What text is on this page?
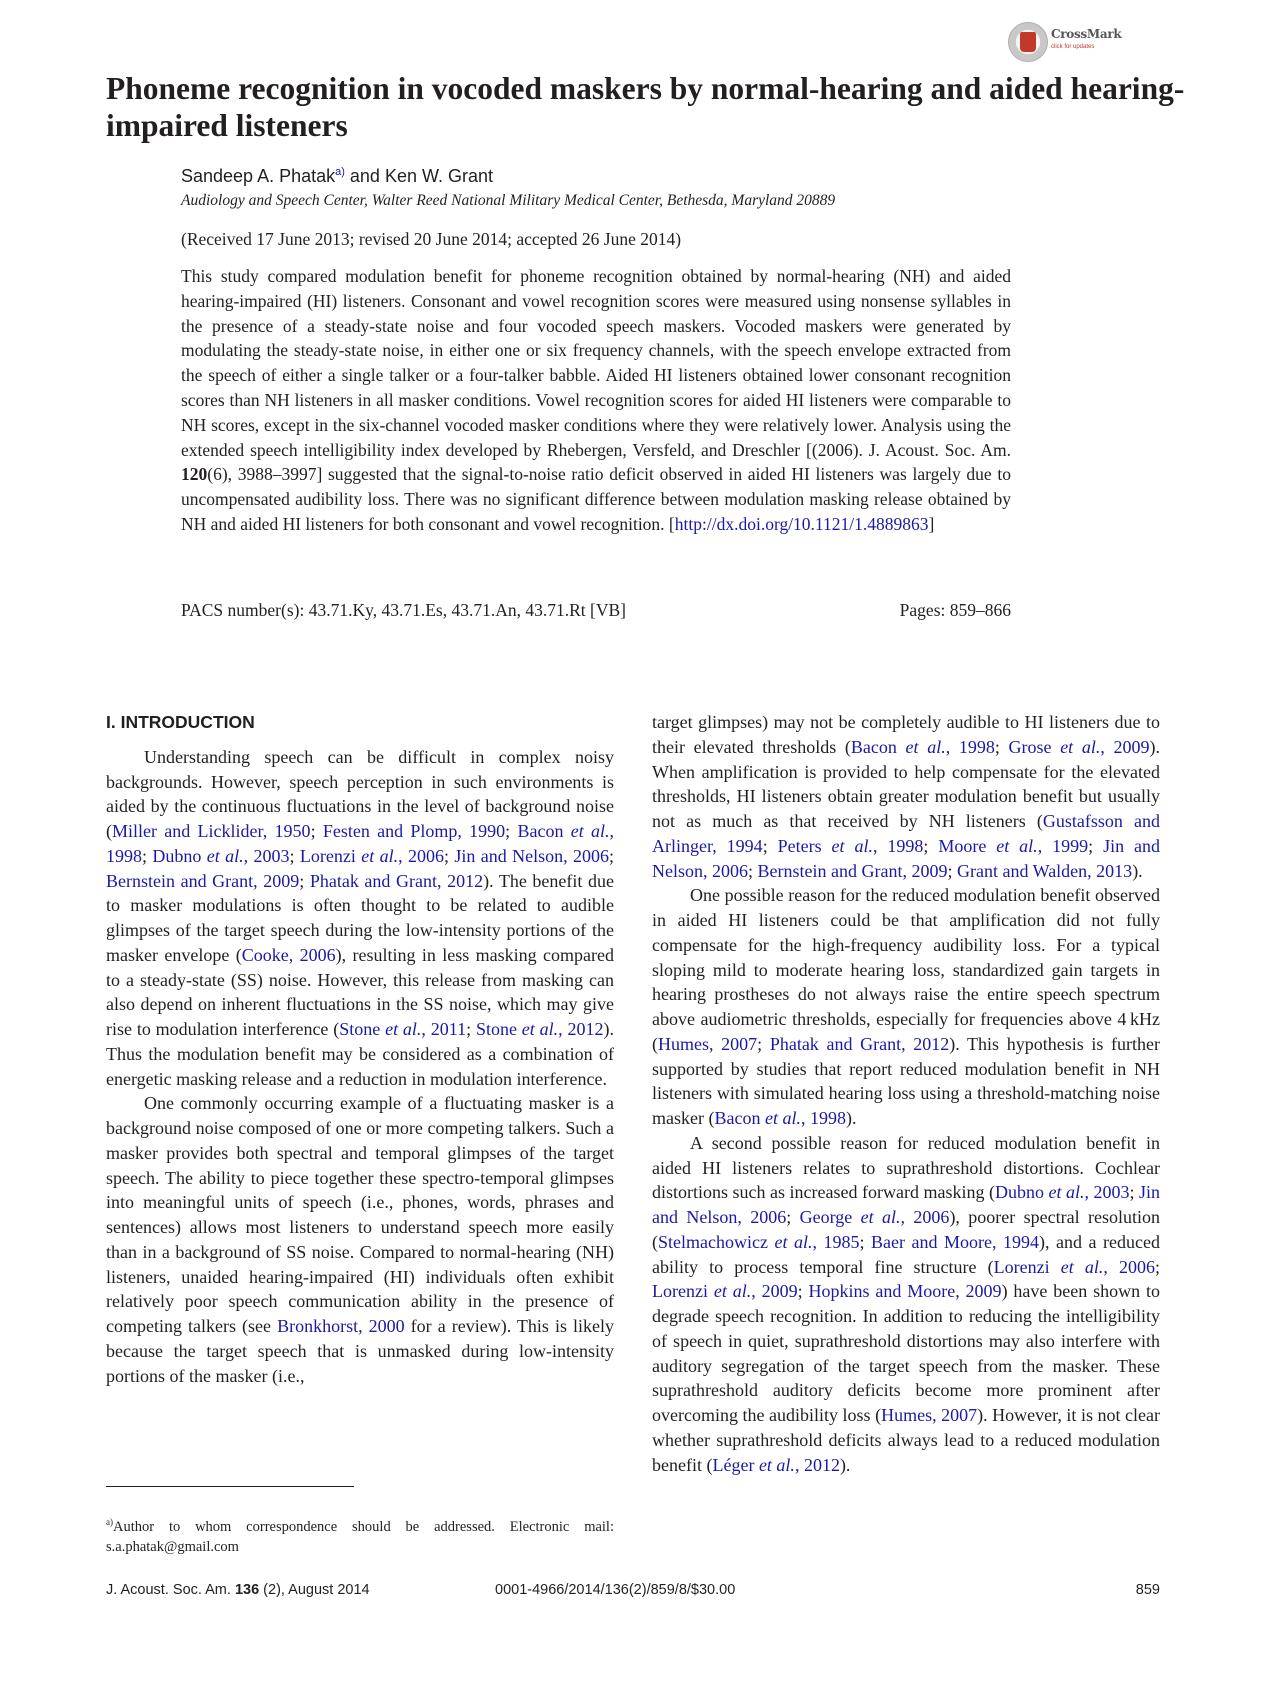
CrossMark
click for updates
Phoneme recognition in vocoded maskers by normal-hearing and aided hearing-impaired listeners
Sandeep A. Phatak$^{a)}$ and Ken W. Grant
Audiology and Speech Center, Walter Reed National Military Medical Center, Bethesda, Maryland 20889
(Received 17 June 2013; revised 20 June 2014; accepted 26 June 2014)

This study compared modulation benefit for phoneme recognition obtained by normal-hearing (NH) and aided hearing-impaired (HI) listeners. Consonant and vowel recognition scores were measured using nonsense syllables in the presence of a steady-state noise and four vocoded speech maskers. Vocoded maskers were generated by modulating the steady-state noise, in either one or six frequency channels, with the speech envelope extracted from the speech of either a single talker or a four-talker babble. Aided HI listeners obtained lower consonant recognition scores than NH listeners in all masker conditions. Vowel recognition scores for aided HI listeners were comparable to NH scores, except in the six-channel vocoded masker conditions where they were relatively lower. Analysis using the extended speech intelligibility index developed by Rhebergen, Versfeld, and Dreschler [(2006). J. Acoust. Soc. Am. 120(6), 3988–3997] suggested that the signal-to-noise ratio deficit observed in aided HI listeners was largely due to uncompensated audibility loss. There was no significant difference between modulation masking release obtained by NH and aided HI listeners for both consonant and vowel recognition. [http://dx.doi.org/10.1121/1.4889863]

PACS number(s): 43.71.Ky, 43.71.Es, 43.71.An, 43.71.Rt [VB]	Pages: 859–866
I. INTRODUCTION

Understanding speech can be difficult in complex noisy backgrounds. However, speech perception in such environments is aided by the continuous fluctuations in the level of background noise (Miller and Licklider, 1950; Festen and Plomp, 1990; Bacon et al., 1998; Dubno et al., 2003; Lorenzi et al., 2006; Jin and Nelson, 2006; Bernstein and Grant, 2009; Phatak and Grant, 2012). The benefit due to masker modulations is often thought to be related to audible glimpses of the target speech during the low-intensity portions of the masker envelope (Cooke, 2006), resulting in less masking compared to a steady-state (SS) noise. However, this release from masking can also depend on inherent fluctuations in the SS noise, which may give rise to modulation interference (Stone et al., 2011; Stone et al., 2012). Thus the modulation benefit may be considered as a combination of energetic masking release and a reduction in modulation interference.

One commonly occurring example of a fluctuating masker is a background noise composed of one or more competing talkers. Such a masker provides both spectral and temporal glimpses of the target speech. The ability to piece together these spectro-temporal glimpses into meaningful units of speech (i.e., phones, words, phrases and sentences) allows most listeners to understand speech more easily than in a background of SS noise. Compared to normal-hearing (NH) listeners, unaided hearing-impaired (HI) individuals often exhibit relatively poor speech communication ability in the presence of competing talkers (see Bronkhorst, 2000 for a review). This is likely because the target speech that is unmasked during low-intensity portions of the masker (i.e.,

target glimpses) may not be completely audible to HI listeners due to their elevated thresholds (Bacon et al., 1998; Grose et al., 2009). When amplification is provided to help compensate for the elevated thresholds, HI listeners obtain greater modulation benefit but usually not as much as that received by NH listeners (Gustafsson and Arlinger, 1994; Peters et al., 1998; Moore et al., 1999; Jin and Nelson, 2006; Bernstein and Grant, 2009; Grant and Walden, 2013).

One possible reason for the reduced modulation benefit observed in aided HI listeners could be that amplification did not fully compensate for the high-frequency audibility loss. For a typical sloping mild to moderate hearing loss, standardized gain targets in hearing prostheses do not always raise the entire speech spectrum above audiometric thresholds, especially for frequencies above 4 kHz (Humes, 2007; Phatak and Grant, 2012). This hypothesis is further supported by studies that report reduced modulation benefit in NH listeners with simulated hearing loss using a threshold-matching noise masker (Bacon et al., 1998).

A second possible reason for reduced modulation benefit in aided HI listeners relates to suprathreshold distortions. Cochlear distortions such as increased forward masking (Dubno et al., 2003; Jin and Nelson, 2006; George et al., 2006), poorer spectral resolution (Stelmachowicz et al., 1985; Baer and Moore, 1994), and a reduced ability to process temporal fine structure (Lorenzi et al., 2006; Lorenzi et al., 2009; Hopkins and Moore, 2009) have been shown to degrade speech recognition. In addition to reducing the intelligibility of speech in quiet, suprathreshold distortions may also interfere with auditory segregation of the target speech from the masker. These suprathreshold auditory deficits become more prominent after overcoming the audibility loss (Humes, 2007). However, it is not clear whether suprathreshold deficits always lead to a reduced modulation benefit (Léger et al., 2012).

$^{a)}$Author to whom correspondence should be addressed. Electronic mail: s.a.phatak@gmail.com
J. Acoust. Soc. Am. 136 (2), August 2014	0001-4966/2014/136(2)/859/8/$30.00	859
